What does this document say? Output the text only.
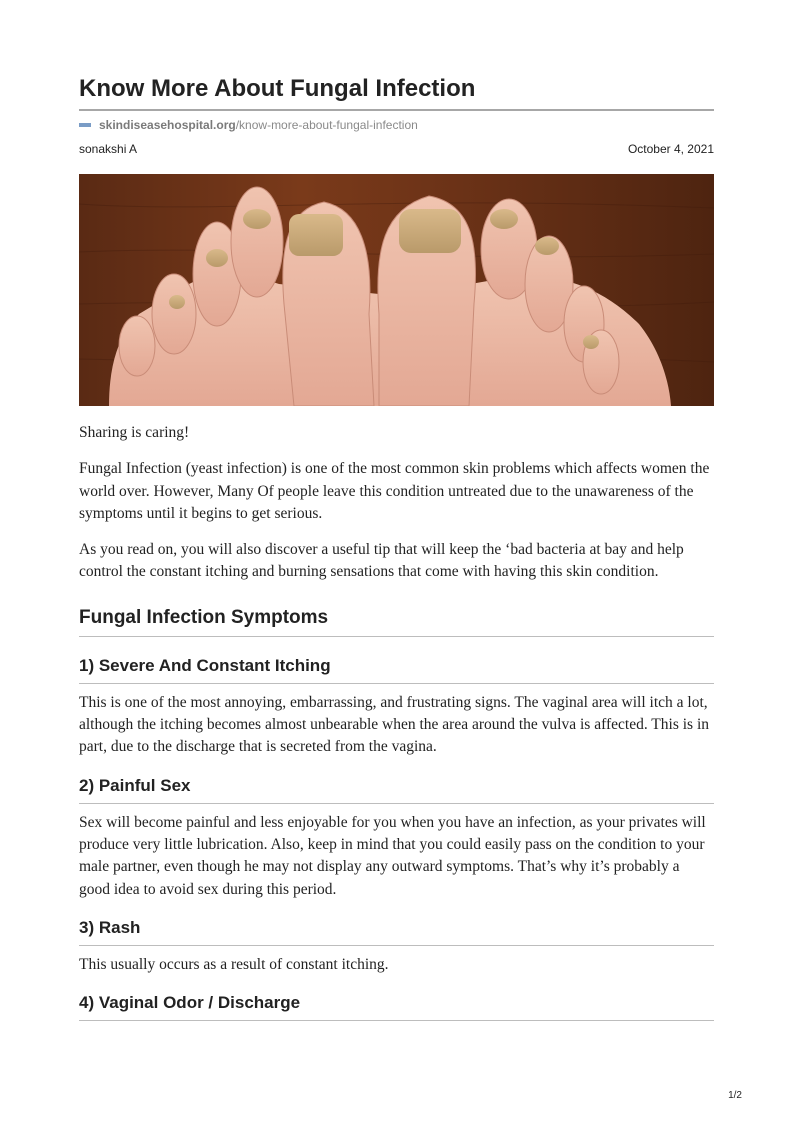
Know More About Fungal Infection
skindiseasehospital.org/know-more-about-fungal-infection
sonakshi A	October 4, 2021

Sharing is caring!

Fungal Infection (yeast infection) is one of the most common skin problems which affects women the world over. However, Many Of people leave this condition untreated due to the unawareness of the symptoms until it begins to get serious.

As you read on, you will also discover a useful tip that will keep the ‘bad bacteria at bay and help control the constant itching and burning sensations that come with having this skin condition.

Fungal Infection Symptoms
1) Severe And Constant Itching

This is one of the most annoying, embarrassing, and frustrating signs. The vaginal area will itch a lot, although the itching becomes almost unbearable when the area around the vulva is affected. This is in part, due to the discharge that is secreted from the vagina.

2) Painful Sex

Sex will become painful and less enjoyable for you when you have an infection, as your privates will produce very little lubrication. Also, keep in mind that you could easily pass on the condition to your male partner, even though he may not display any outward symptoms. That’s why it’s probably a good idea to avoid sex during this period.

3) Rash

This usually occurs as a result of constant itching.

4) Vaginal Odor / Discharge
1/2
